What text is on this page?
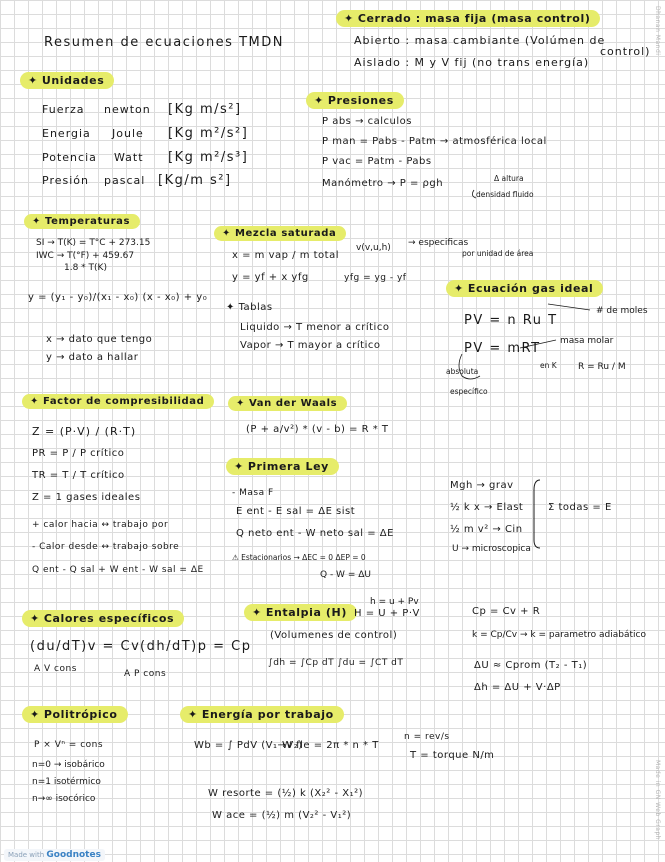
Dhanan Mandi
Made in GN Web Graph
Resumen de ecuaciones TMDN
✦ Cerrado : masa fija (masa control)
Abierto : masa cambiante (Volúmen de
control)
Aislado : M y V fij (no trans energía)
✦ Unidades
Fuerza newton [Kg m/s²]
Energia Joule [Kg m²/s²]
Potencia Watt [Kg m²/s³]
Presión pascal [Kg/m s²]
✦ Presiones
P abs → calculos
P man = Pabs - Patm → atmosférica local
P vac = Patm - Pabs
Manómetro → P = ρgh	Δ altura
densidad fluido
✦ Temperaturas
SI → T(K) = T°C + 273.15
IWC → T(°F) + 459.67
1.8 * T(K)
y = (y₁ - y₀)/(x₁ - x₀) (x - x₀) + y₀
x → dato que tengo
y → dato a hallar
✦ Mezcla saturada
x = m vap / m total
v(v,u,h) → especificas
por unidad de área
y = yf + x yfg	yfg = yg - yf
✦ Tablas
Liquido → T menor a crítico
Vapor → T mayor a crítico
✦ Ecuación gas ideal
PV = n Ru T
# de moles
PV = mRT masa molar
en K
absoluta
específico
R = Ru / M
✦ Factor de compresibilidad
Z = (P·V) / (R·T)
PR = P / P crítico
TR = T / T crítico
Z = 1 gases ideales
+ calor hacia ↔ trabajo por
- Calor desde ↔ trabajo sobre
Q ent - Q sal + W ent - W sal = ΔE
✦ Van der Waals
(P + a/v²) * (v - b) = R * T
✦ Primera Ley
- Masa F
E ent - E sal = ΔE sist
Q neto ent - W neto sal = ΔE
⚠ Estacionarios → ΔEC = 0 ΔEP = 0
Q - W = ΔU
Mgh → grav
½ k x → Elast
½ m v² → Cin
U → microscopica
Σ todas = E
✦ Calores específicos
(du/dT)v = Cv (dh/dT)p = Cp
A V cons	A P cons
✦ Entalpia (H)
h = u + Pv
H = U + P·V
(Volumenes de control)
∫dh = ∫Cp dT ∫du = ∫CT dT
Cp = Cv + R
k = Cp/Cv → k = parametro adiabático
ΔU ≈ Cprom (T₂ - T₁)
Δh = ΔU + V·ΔP
✦ Politrópico
P × Vⁿ = cons
n=0 → isobárico
n=1 isotérmico
n→∞ isocórico
✦ Energía por trabajo
Wb = ∫ PdV (V₁→V₂)
W fle = 2π * n * T
n = rev/s
T = torque N/m
W resorte = (½) k (X₂² - X₁²)
W ace = (½) m (V₂² - V₁²)
Made with Goodnotes
